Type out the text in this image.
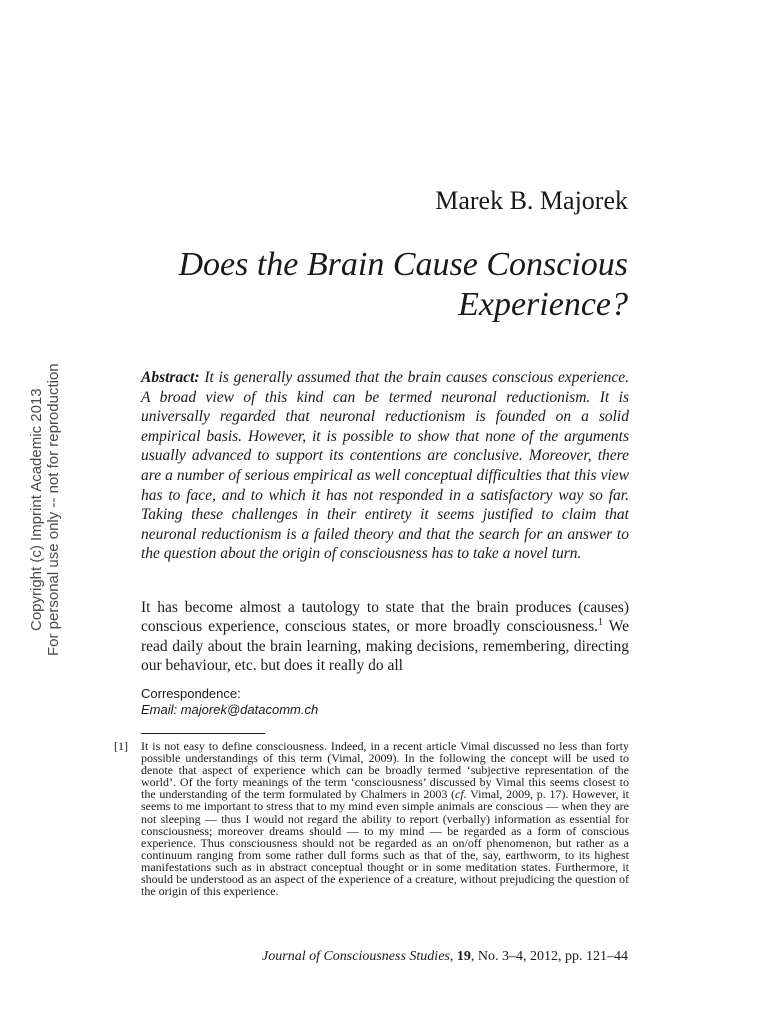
Copyright (c) Imprint Academic 2013 For personal use only -- not for reproduction
Marek B. Majorek
Does the Brain Cause Conscious Experience?
Abstract: It is generally assumed that the brain causes conscious experience. A broad view of this kind can be termed neuronal reductionism. It is universally regarded that neuronal reductionism is founded on a solid empirical basis. However, it is possible to show that none of the arguments usually advanced to support its contentions are conclusive. Moreover, there are a number of serious empirical as well conceptual difficulties that this view has to face, and to which it has not responded in a satisfactory way so far. Taking these challenges in their entirety it seems justified to claim that neuronal reductionism is a failed theory and that the search for an answer to the question about the origin of consciousness has to take a novel turn.
It has become almost a tautology to state that the brain produces (causes) conscious experience, conscious states, or more broadly consciousness.$^1$ We read daily about the brain learning, making decisions, remembering, directing our behaviour, etc. but does it really do all
Correspondence:
Email: majorek@datacomm.ch
[1] It is not easy to define consciousness. Indeed, in a recent article Vimal discussed no less than forty possible understandings of this term (Vimal, 2009). In the following the concept will be used to denote that aspect of experience which can be broadly termed ‘subjective representation of the world’. Of the forty meanings of the term ‘consciousness’ discussed by Vimal this seems closest to the understanding of the term formulated by Chalmers in 2003 (cf. Vimal, 2009, p. 17). However, it seems to me important to stress that to my mind even simple animals are conscious — when they are not sleeping — thus I would not regard the ability to report (verbally) information as essential for consciousness; moreover dreams should — to my mind — be regarded as a form of conscious experience. Thus consciousness should not be regarded as an on/off phenomenon, but rather as a continuum ranging from some rather dull forms such as that of the, say, earthworm, to its highest manifestations such as in abstract conceptual thought or in some meditation states. Furthermore, it should be understood as an aspect of the experience of a creature, without prejudicing the question of the origin of this experience.
Journal of Consciousness Studies, 19, No. 3–4, 2012, pp. 121–44
